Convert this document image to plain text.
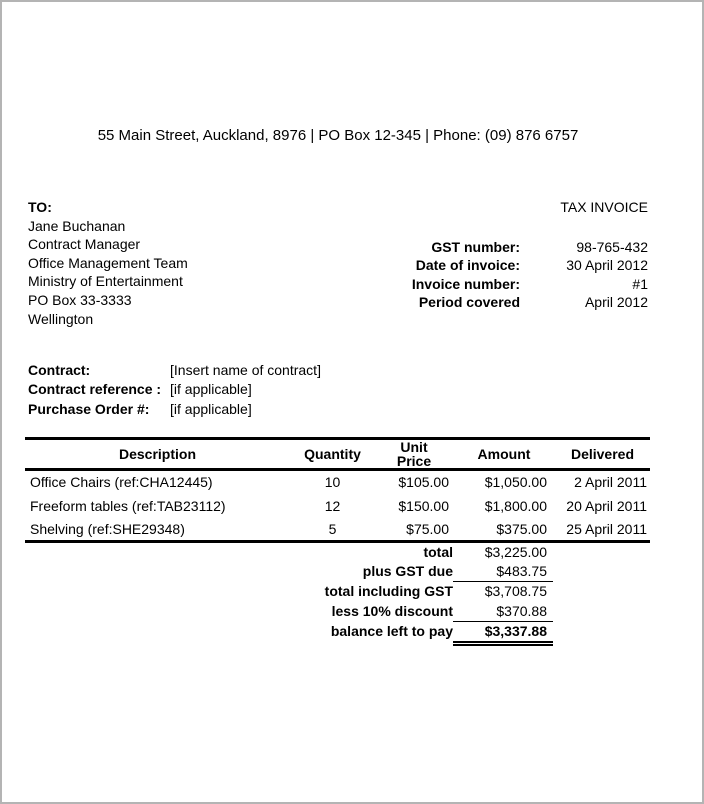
55 Main Street, Auckland, 8976 | PO Box 12-345 | Phone: (09) 876 6757
TO:
Jane Buchanan
Contract Manager
Office Management Team
Ministry of Entertainment
PO Box 33-3333
Wellington
TAX INVOICE
GST number:	98-765-432
Date of invoice:	30 April 2012
Invoice number:	#1
Period covered	April 2012
Contract:	[Insert name of contract]
Contract reference : [if applicable]
Purchase Order #:	[if applicable]
Description	Quantity	Unit Price	Amount	Delivered
Office Chairs (ref:CHA12445)	10	$105.00	$1,050.00	2 April 2011
Freeform tables (ref:TAB23112)	12	$150.00	$1,800.00	20 April 2011
Shelving (ref:SHE29348)	5	$75.00	$375.00	25 April 2011
total	$3,225.00
plus GST due	$483.75
total including GST	$3,708.75
less 10% discount	$370.88
balance left to pay	$3,337.88
